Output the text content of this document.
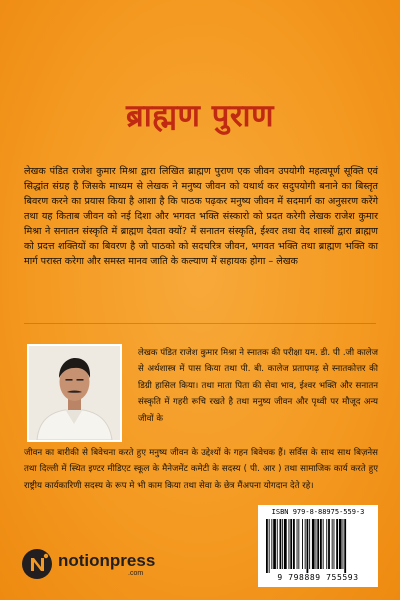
ब्राह्मण पुराण

लेखक पंडित राजेश कुमार मिश्रा द्वारा लिखित ब्राह्मण पुराण एक जीवन उपयोगी महत्वपूर्ण सूक्ति एवं सिद्धांत संग्रह है जिसके माध्यम से लेखक ने मनुष्य जीवन को यथार्थ कर सदुपयोगी बनाने का बिस्तृत बिवरण करने का प्रयास किया है आशा है कि पाठक पढ़कर मनुष्य जीवन में सदमार्ग का अनुसरण करेंगे तथा यह किताब जीवन को नई दिशा और भगवत भक्ति संस्कारो को प्रदत करेगी लेखक राजेश कुमार मिश्रा ने सनातन संस्कृति में ब्राह्मण देवता क्यों? में सनातन संस्कृति, ईश्वर तथा वेद शास्त्रों द्वारा ब्राह्मण को प्रदत्त शक्तियों का बिवरण है जो पाठको को सदचरित्र जीवन, भगवत भक्ति तथा ब्राह्मण भक्ति का मार्ग परास्त करेगा और समस्त मानव जाति के कल्याण में सहायक होगा – लेखक

लेखक पंडित राजेश कुमार मिश्रा ने स्नातक की परीक्षा यम. डी. पी .जी कालेज से अर्थशास्त्र में पास किया तथा पी. बी. कालेज प्रतापगढ़ से स्नातकोत्तर की डिग्री हासिल किया। तथा माता पिता की सेवा भाव, ईश्वर भक्ति और सनातन संस्कृति में गहरी रूचि रखते है तथा मनुष्य जीवन और पृथ्वी पर मौजूद अन्य जीवों के

जीवन का बारीकी से बिवेचना करते हुए मनुष्य जीवन के उद्देश्यों के गहन बिवेचक हैं। सर्विस के साथ साथ बिज़नेस तथा दिल्ली में स्थित इण्टर मीडिएट स्कूल के मैनेजमेंट कमेटी के सदस्य ( पी. आर ) तथा सामाजिक कार्य करते हुए राष्ट्रीय कार्यकारिणी सदस्य के रूप मे भी काम किया तथा सेवा के छेत्र मैंअपना योगदान देते रहे।

ISBN 979-8-88975-559-3
9 798889 755593
notionpress
.com
